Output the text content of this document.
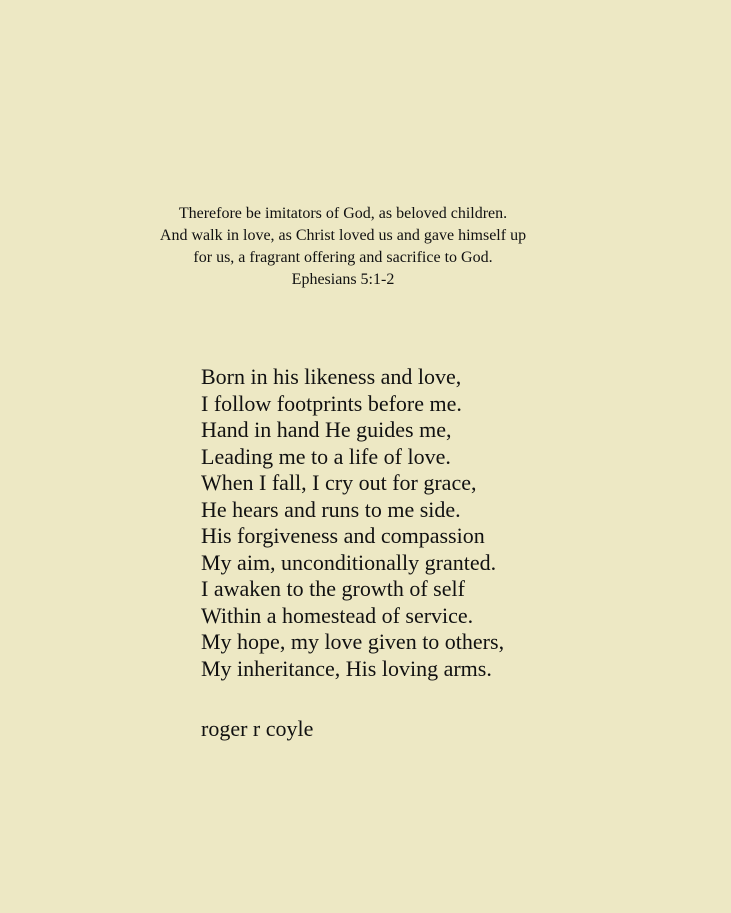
Therefore be imitators of God, as beloved children.
And walk in love, as Christ loved us and gave himself up
for us, a fragrant offering and sacrifice to God.
Ephesians 5:1-2
Born in his likeness and love,
I follow footprints before me.
Hand in hand He guides me,
Leading me to a life of love.
When I fall, I cry out for grace,
He hears and runs to me side.
His forgiveness and compassion
My aim, unconditionally granted.
I awaken to the growth of self
Within a homestead of service.
My hope, my love given to others,
My inheritance, His loving arms.
roger r coyle
